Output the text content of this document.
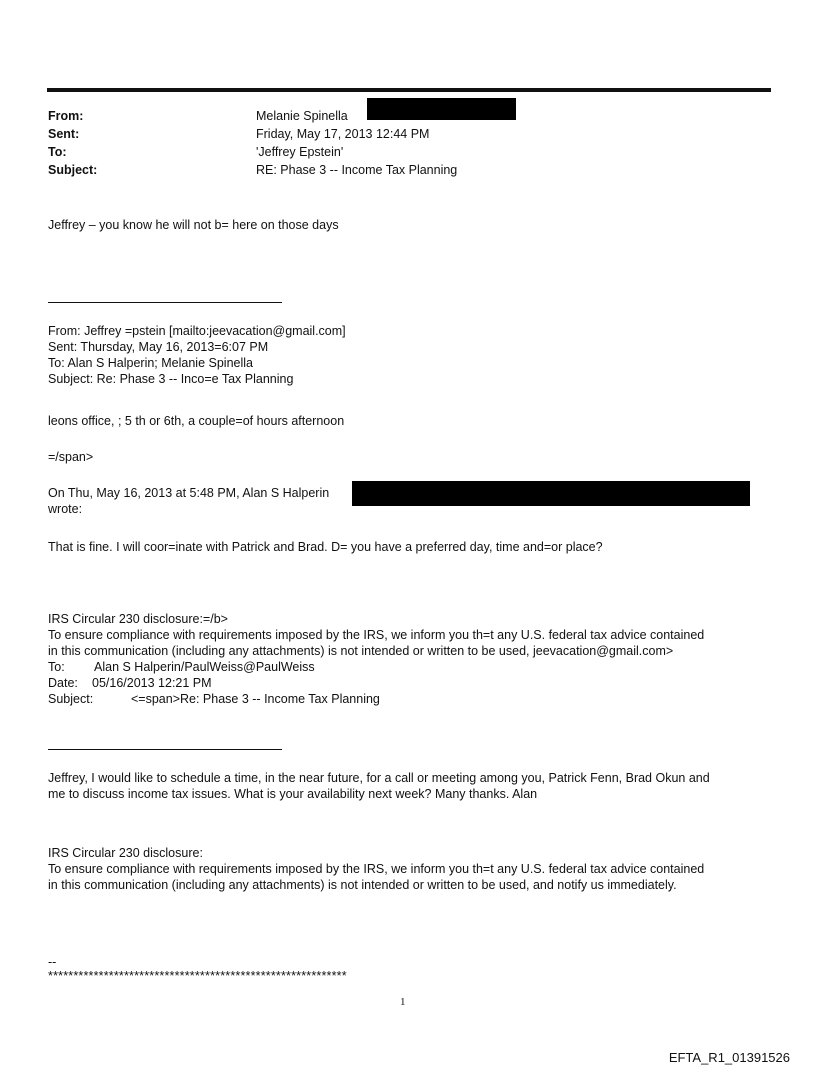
From:	Melanie Spinella
Sent:	Friday, May 17, 2013 12:44 PM
To:	'Jeffrey Epstein'
Subject:	RE: Phase 3 -- Income Tax Planning
Jeffrey – you know he will not b= here on those days
From: Jeffrey =pstein [mailto:jeevacation@gmail.com]
Sent: Thursday, May 16, 2013=6:07 PM
To: Alan S Halperin; Melanie Spinella
Subject: Re: Phase 3 -- Inco=e Tax Planning
leons office, ; 5 th or 6th, a couple=of hours afternoon
=/span>
On Thu, May 16, 2013 at 5:48 PM, Alan S Halperin
wrote:
That is fine. I will coor=inate with Patrick and Brad. D= you have a preferred day, time and=or place?
IRS Circular 230 disclosure:=/b>
To ensure compliance with requirements imposed by the IRS, we inform you th=t any U.S. federal tax advice contained
in this communication (including any attachments) is not intended or written to be used, jeevacation@gmail.com>
To: Alan S Halperin/PaulWeiss@PaulWeiss
Date: 05/16/2013 12:21 PM
Subject:	<=span>Re: Phase 3 -- Income Tax Planning
Jeffrey, I would like to schedule a time, in the near future, for a call or meeting among you, Patrick Fenn, Brad Okun and
me to discuss income tax issues. What is your availability next week? Many thanks. Alan
IRS Circular 230 disclosure:
To ensure compliance with requirements imposed by the IRS, we inform you th=t any U.S. federal tax advice contained
in this communication (including any attachments) is not intended or written to be used, and notify us immediately.
--
***********************************************************
1
EFTA_R1_01391526
